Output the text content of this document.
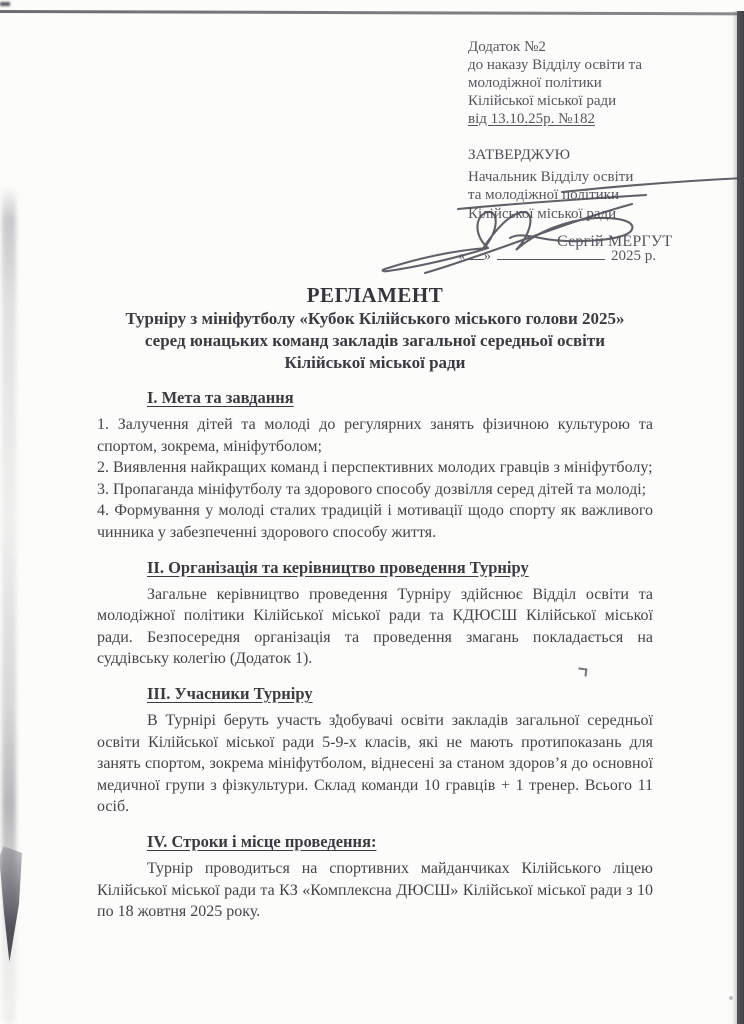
Додаток №2
до наказу Відділу освіти та
молодіжної політики
Кілійської міської ради
від 13.10.25р. №182
ЗАТВЕРДЖУЮ
Начальник Відділу освіти
та молодіжної політики
Кілійської міської ради
Сергій МЕРГУТ
« »	2025 р.
РЕГЛАМЕНТ
Турніру з мініфутболу «Кубок Кілійського міського голови 2025»
серед юнацьких команд закладів загальної середньої освіти
Кілійської міської ради
І. Мета та завдання

1. Залучення дітей та молоді до регулярних занять фізичною культурою та спортом, зокрема, мініфутболом;

2. Виявлення найкращих команд і перспективних молодих гравців з мініфутболу;

3. Пропаганда мініфутболу та здорового способу дозвілля серед дітей та молоді;

4. Формування у молоді сталих традицій і мотивації щодо спорту як важливого чинника у забезпеченні здорового способу життя.

ІІ. Організація та керівництво проведення Турніру

Загальне керівництво проведення Турніру здійснює Відділ освіти та молодіжної політики Кілійської міської ради та КДЮСШ Кілійської міської ради. Безпосередня організація та проведення змагань покладається на суддівську колегію (Додаток 1).

ІІІ. Учасники Турніру

В Турнірі беруть участь здобувачі освіти закладів загальної середньої освіти Кілійської міської ради 5-9-х класів, які не мають протипоказань для занять спортом, зокрема мініфутболом, віднесені за станом здоров’я до основної медичної групи з фізкультури. Склад команди 10 гравців + 1 тренер. Всього 11 осіб.

IV. Строки і місце проведення:

Турнір проводиться на спортивних майданчиках Кілійського ліцею Кілійської міської ради та КЗ «Комплексна ДЮСШ» Кілійської міської ради з 10 по 18 жовтня 2025 року.
